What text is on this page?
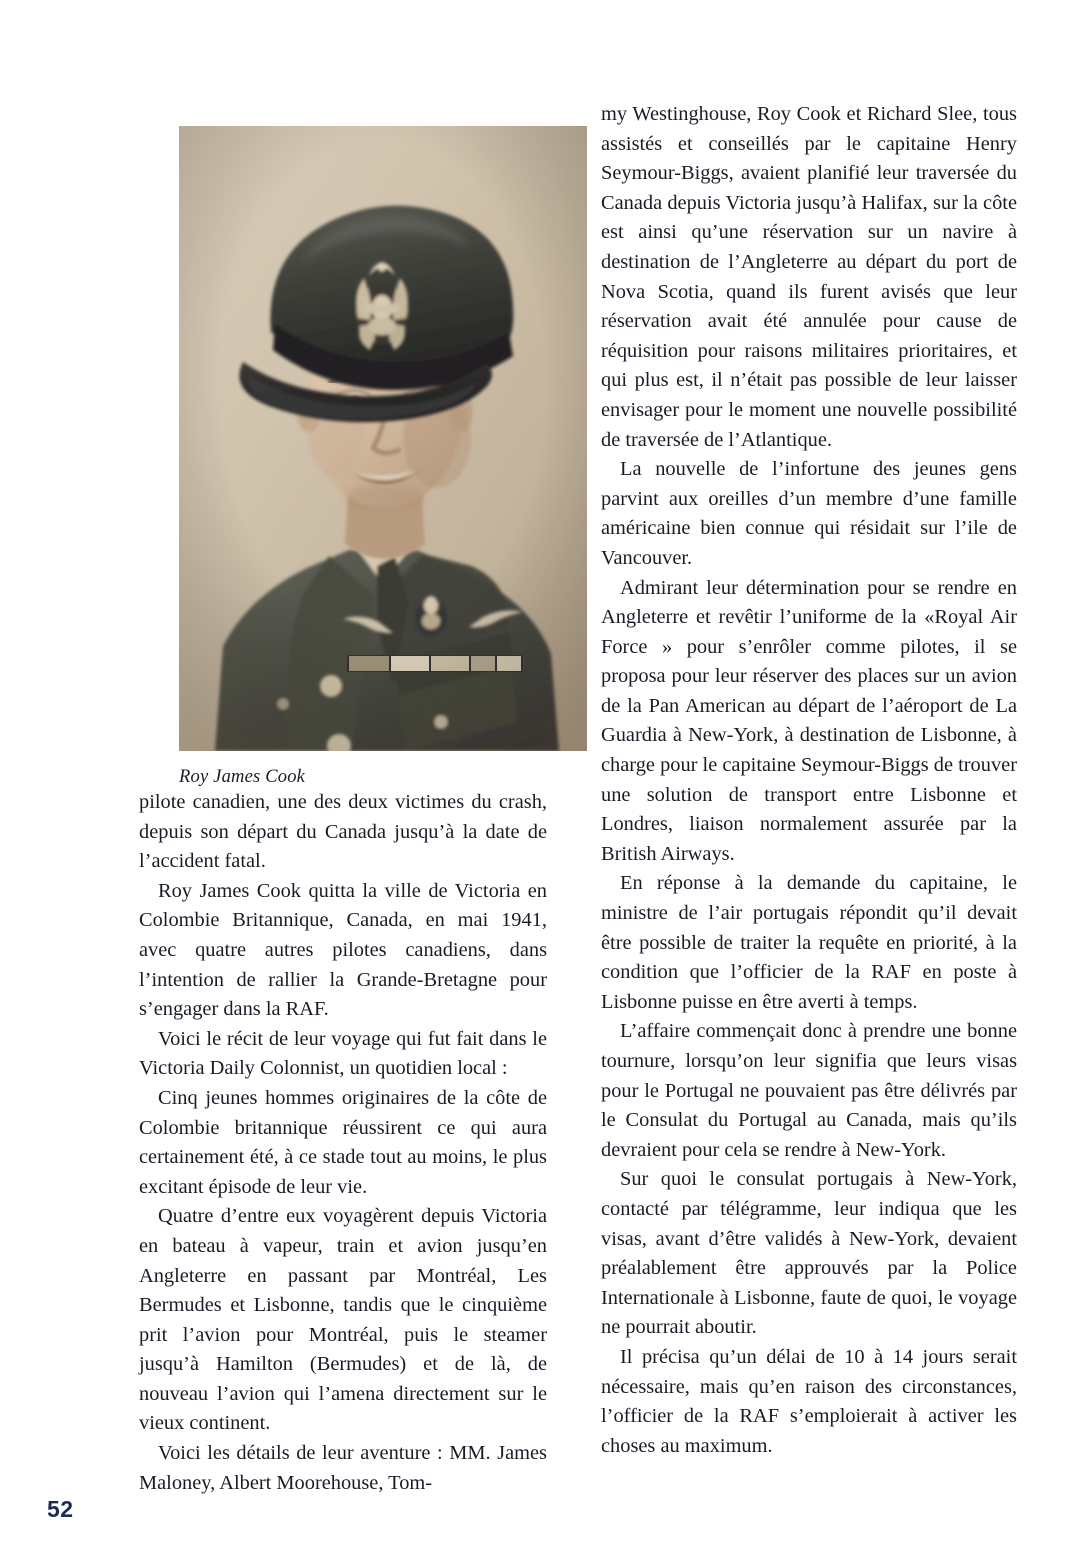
Roy James Cook

pilote canadien, une des deux victimes du crash, depuis son départ du Canada jusqu’à la date de l’accident fatal.

Roy James Cook quitta la ville de Victoria en Colombie Britannique, Canada, en mai 1941, avec quatre autres pilotes canadiens, dans l’intention de rallier la Grande-Bretagne pour s’engager dans la RAF.

Voici le récit de leur voyage qui fut fait dans le Victoria Daily Colonnist, un quotidien local :

Cinq jeunes hommes originaires de la côte de Colombie britannique réussirent ce qui aura certainement été, à ce stade tout au moins, le plus excitant épisode de leur vie.

Quatre d’entre eux voyagèrent depuis Victoria en bateau à vapeur, train et avion jusqu’en Angleterre en passant par Montréal, Les Bermudes et Lisbonne, tandis que le cinquième prit l’avion pour Montréal, puis le steamer jusqu’à Hamilton (Bermudes) et de là, de nouveau l’avion qui l’amena directement sur le vieux continent.

Voici les détails de leur aventure : MM. James Maloney, Albert Moorehouse, Tom-

my Westinghouse, Roy Cook et Richard Slee, tous assistés et conseillés par le capitaine Henry Seymour-Biggs, avaient planifié leur traversée du Canada depuis Victoria jusqu’à Halifax, sur la côte est ainsi qu’une réservation sur un navire à destination de l’Angleterre au départ du port de Nova Scotia, quand ils furent avisés que leur réservation avait été annulée pour cause de réquisition pour raisons militaires prioritaires, et qui plus est, il n’était pas possible de leur laisser envisager pour le moment une nouvelle possibilité de traversée de l’Atlantique.

La nouvelle de l’infortune des jeunes gens parvint aux oreilles d’un membre d’une famille américaine bien connue qui résidait sur l’ile de Vancouver.

Admirant leur détermination pour se rendre en Angleterre et revêtir l’uniforme de la «Royal Air Force » pour s’enrôler comme pilotes, il se proposa pour leur réserver des places sur un avion de la Pan American au départ de l’aéroport de La Guardia à New-York, à destination de Lisbonne, à charge pour le capitaine Seymour-Biggs de trouver une solution de transport entre Lisbonne et Londres, liaison normalement assurée par la British Airways.

En réponse à la demande du capitaine, le ministre de l’air portugais répondit qu’il devait être possible de traiter la requête en priorité, à la condition que l’officier de la RAF en poste à Lisbonne puisse en être averti à temps.

L’affaire commençait donc à prendre une bonne tournure, lorsqu’on leur signifia que leurs visas pour le Portugal ne pouvaient pas être délivrés par le Consulat du Portugal au Canada, mais qu’ils devraient pour cela se rendre à New-York.

Sur quoi le consulat portugais à New-York, contacté par télégramme, leur indiqua que les visas, avant d’être validés à New-York, devaient préalablement être approuvés par la Police Internationale à Lisbonne, faute de quoi, le voyage ne pourrait aboutir.

Il précisa qu’un délai de 10 à 14 jours serait nécessaire, mais qu’en raison des circonstances, l’officier de la RAF s’emploierait à activer les choses au maximum.

52
